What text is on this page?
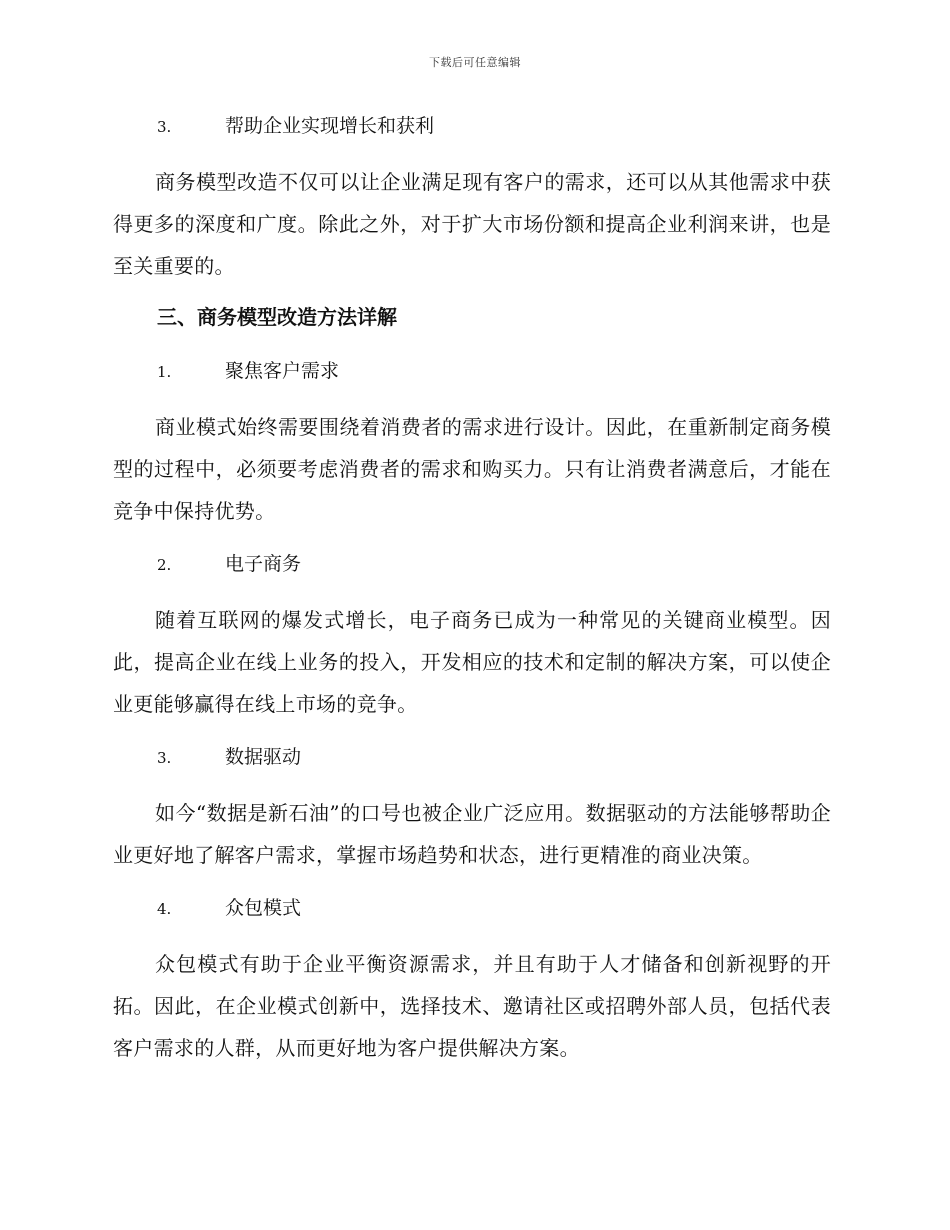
下载后可任意编辑
3.	帮助企业实现增长和获利

商务模型改造不仅可以让企业满足现有客户的需求，还可以从其他需求中获得更多的深度和广度。除此之外，对于扩大市场份额和提高企业利润来讲，也是至关重要的。

三、商务模型改造方法详解
1.	聚焦客户需求

商业模式始终需要围绕着消费者的需求进行设计。因此，在重新制定商务模型的过程中，必须要考虑消费者的需求和购买力。只有让消费者满意后，才能在竞争中保持优势。

2.	电子商务

随着互联网的爆发式增长，电子商务已成为一种常见的关键商业模型。因此，提高企业在线上业务的投入，开发相应的技术和定制的解决方案，可以使企业更能够赢得在线上市场的竞争。

3.	数据驱动

如今“数据是新石油”的口号也被企业广泛应用。数据驱动的方法能够帮助企业更好地了解客户需求，掌握市场趋势和状态，进行更精准的商业决策。

4.	众包模式

众包模式有助于企业平衡资源需求，并且有助于人才储备和创新视野的开拓。因此，在企业模式创新中，选择技术、邀请社区或招聘外部人员，包括代表客户需求的人群，从而更好地为客户提供解决方案。
